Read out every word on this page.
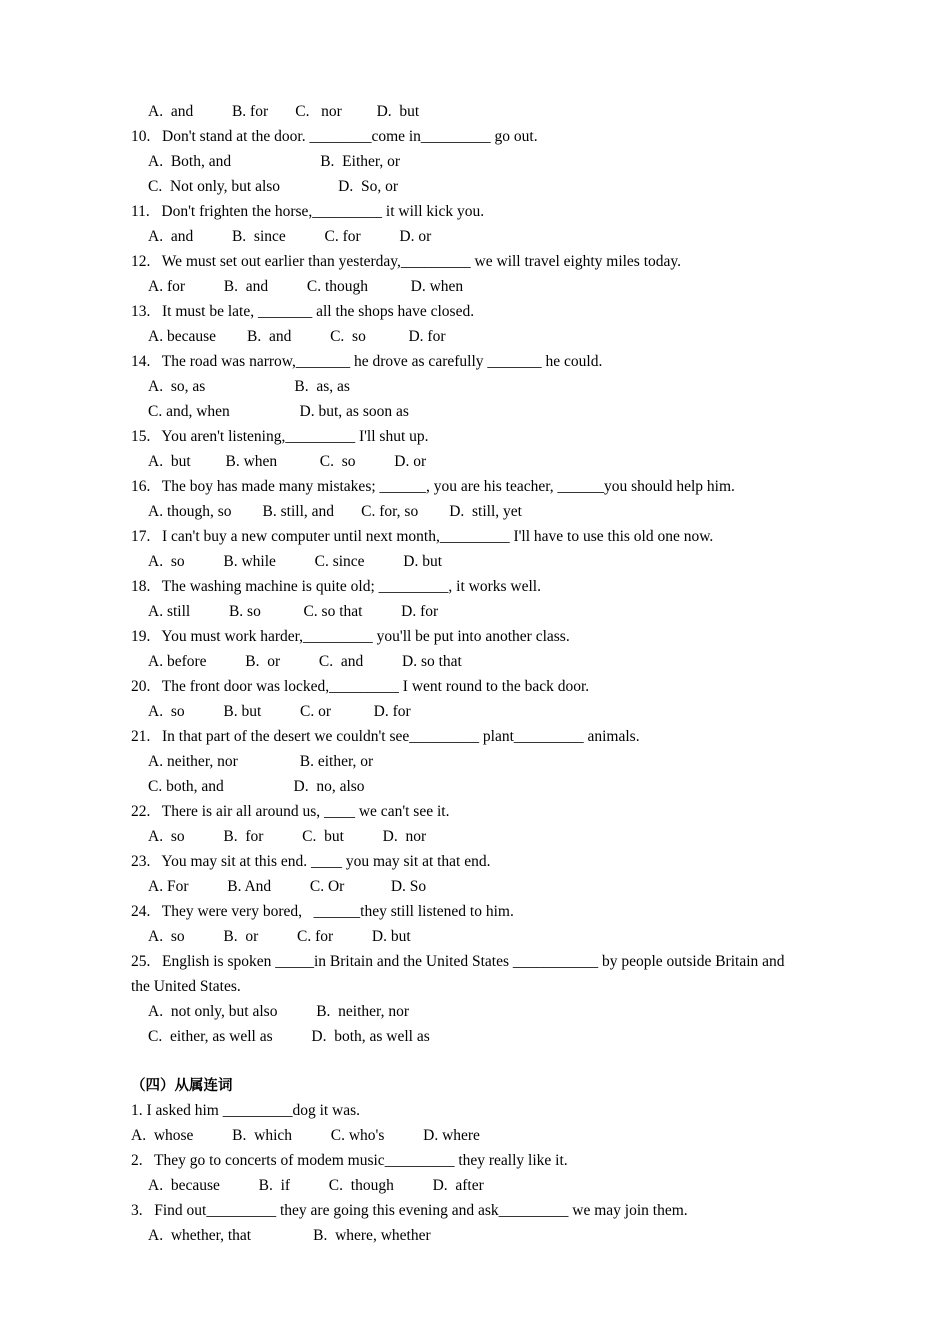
A.  and          B. for       C.   nor         D.  but
10.   Don't stand at the door. ________come in_________ go out.
A.  Both, and                       B.  Either, or
C.  Not only, but also               D.  So, or
11.   Don't frighten the horse,_________ it will kick you.
A.  and          B.  since          C. for          D. or
12.   We must set out earlier than yesterday,_________ we will travel eighty miles today.
A. for          B.  and          C. though           D. when
13.   It must be late, _______ all the shops have closed.
A. because        B.  and          C.  so           D. for
14.   The road was narrow,_______ he drove as carefully _______ he could.
A.  so, as                       B.  as, as
C. and, when                  D. but, as soon as
15.   You aren't listening,_________ I'll shut up.
A.  but         B. when           C.  so          D. or
16.   The boy has made many mistakes; ______, you are his teacher, ______you should help him.
A. though, so        B. still, and       C. for, so        D.  still, yet
17.   I can't buy a new computer until next month,_________ I'll have to use this old one now.
A.  so          B. while          C. since          D. but
18.   The washing machine is quite old; _________, it works well.
A. still          B. so           C. so that          D. for
19.   You must work harder,_________ you'll be put into another class.
A. before          B.  or          C.  and          D. so that
20.   The front door was locked,_________ I went round to the back door.
A.  so          B. but          C. or           D. for
21.   In that part of the desert we couldn't see_________ plant_________ animals.
A. neither, nor                B. either, or
C. both, and                  D.  no, also
22.   There is air all around us, ____ we can't see it.
A.  so          B.  for          C.  but          D.  nor
23.   You may sit at this end. ____ you may sit at that end.
A. For          B. And          C. Or            D. So
24.   They were very bored,   ______they still listened to him.
A.  so          B.  or          C. for          D. but
25.   English is spoken _____in Britain and the United States ___________ by people outside Britain and
the United States.
A.  not only, but also          B.  neither, nor
C.  either, as well as          D.  both, as well as
（四）从属连词
1. I asked him _________dog it was.
A.  whose          B.  which          C. who's          D. where
2.   They go to concerts of modem music_________ they really like it.
A.  because          B.  if          C.  though          D.  after
3.   Find out_________ they are going this evening and ask_________ we may join them.
A.  whether, that                B.  where, whether
